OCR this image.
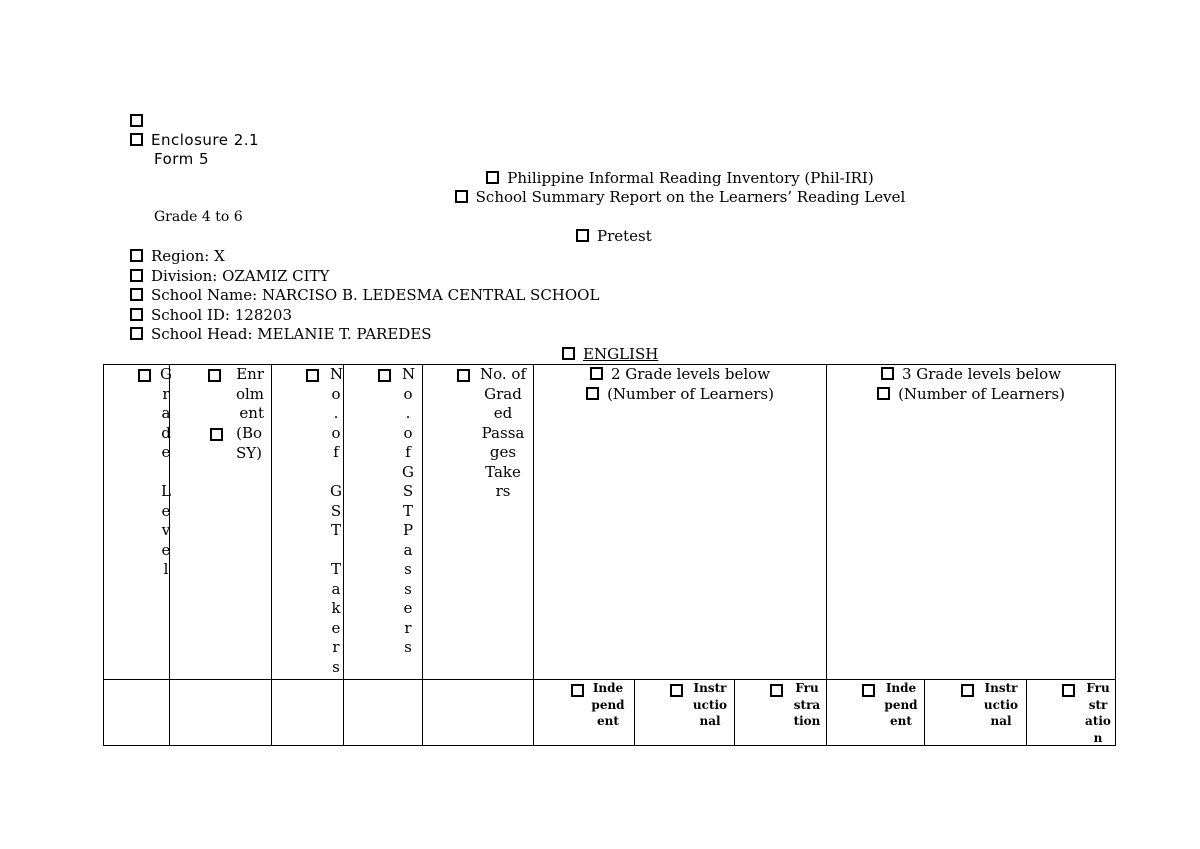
Enclosure 2.1
Form 5
Philippine Informal Reading Inventory (Phil-IRI)
School Summary Report on the Learners’ Reading Level
Grade 4 to 6
Pretest
Region: X
Division: OZAMIZ CITY
School Name: NARCISO B. LEDESMA CENTRAL SCHOOL
School ID: 128203
School Head: MELANIE T. PAREDES
ENGLISH
G
r
a
d
e
L
e
v
e
l
Enr
olm
ent
(Bo
SY)
N
o
.
o
f
G
S
T
T
a
k
e
r
s
N
o
.
o
f
G
S
T
P
a
s
s
e
r
s
No. of
Grad
ed
Passa
ges
Take
rs
2 Grade levels below
(Number of Learners)
3 Grade levels below
(Number of Learners)
Inde
pend
ent
Instr
uctio
nal
Fru
stra
tion
Inde
pend
ent
Instr
uctio
nal
Fru
str
atio
n
